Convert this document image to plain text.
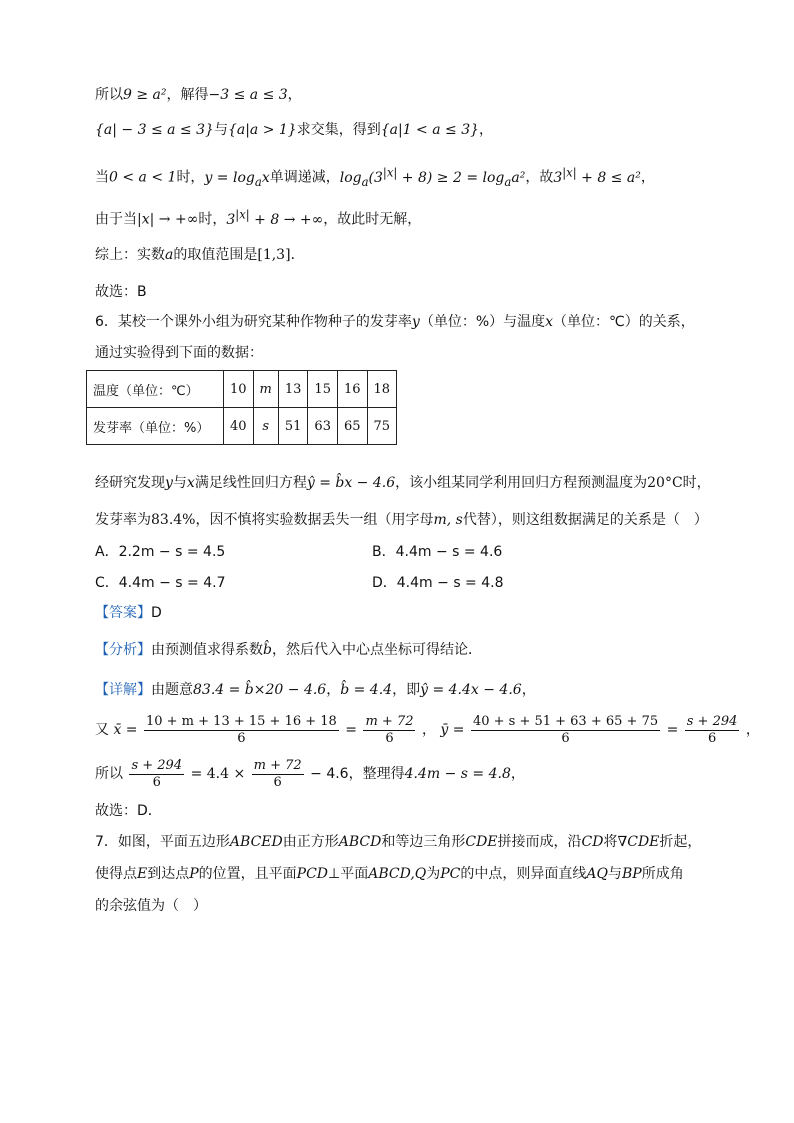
所以9 ≥ a²，解得−3 ≤ a ≤ 3，
{a| − 3 ≤ a ≤ 3}与{a|a > 1}求交集，得到{a|1 < a ≤ 3}，
当0 < a < 1时，$y = \log_ax$单调递减，$\log_a(3^{|x|} + 8) \ge 2 = \log_aa^2$，故$3^{|x|} + 8 \le a^2$，
由于当|x| → +∞时，$3^{|x|} + 8$ → +∞，故此时无解，
综上：实数a的取值范围是[1,3]．
故选：B
6．某校一个课外小组为研究某种作物种子的发芽率y（单位：%）与温度x（单位：℃）的关系，
通过实验得到下面的数据：
温度（单位：℃）	10	m	13	15	16	18
发芽率（单位：%）	40	s	51	63	65	75
经研究发现y与x满足线性回归方程ŷ = b̂x − 4.6，该小组某同学利用回归方程预测温度为20°C时，
发芽率为83.4%，因不慎将实验数据丢失一组（用字母m, s代替），则这组数据满足的关系是（　）
A．2.2m − s = 4.5	B．4.4m − s = 4.6
C．4.4m − s = 4.7	D．4.4m − s = 4.8
【答案】D
【分析】由预测值求得系数b̂，然后代入中心点坐标可得结论．
【详解】由题意83.4 = b̂×20 − 4.6，b̂ = 4.4，即ŷ = 4.4x − 4.6，
又 x̄ = $\frac{10 + m + 13 + 15 + 16 + 18}{6} = \frac{m + 72}{6}$ ， ȳ = $\frac{40 + s + 51 + 63 + 65 + 75}{6} = \frac{s + 294}{6}$ ，
所以 $\frac{s + 294}{6} = 4.4 \times \frac{m + 72}{6} - 4.6$，整理得4.4m − s = 4.8，
故选：D．
7．如图，平面五边形ABCED由正方形ABCD和等边三角形CDE拼接而成，沿CD将∇CDE折起，
使得点E到达点P的位置，且平面PCD⊥平面ABCD,Q为PC的中点，则异面直线AQ与BP所成角
的余弦值为（　）
